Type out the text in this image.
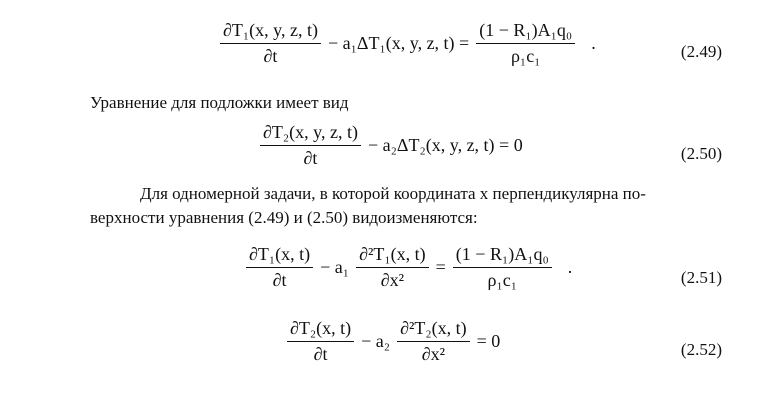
$\frac{\text{∂T₁(x, y, z, t)}}{\partial t} - a_1\Delta T_1(x$, y, z, $t) = \frac{\text{(1 − R₁)A₁q₀}}{\text{ρ₁c₁}}$ .	(2.49)
Уравнение для подложки имеет вид
$\frac{\text{∂T₂(x, y, z, t)}}{\partial t} - a_2\Delta T_2(x$, y, z, t) = 0	(2.50)
Для одномерной задачи, в которой координата x перпендикулярна по-
верхности уравнения (2.49) и (2.50) видоизменяются:
$\frac{\text{∂T₁(x, t)}}{\partial t} - a_1 \frac{\text{∂²T₁(x, t)}}{\text{∂x²}} = \frac{\text{(1 − R₁)A₁q₀}}{\text{ρ₁c₁}}$ .
(2.51)
$\frac{\text{∂T₂(x, t)}}{\partial t} - a_2 \frac{\text{∂²T₂(x, t)}}{\text{∂x²}} = 0$	(2.52)
